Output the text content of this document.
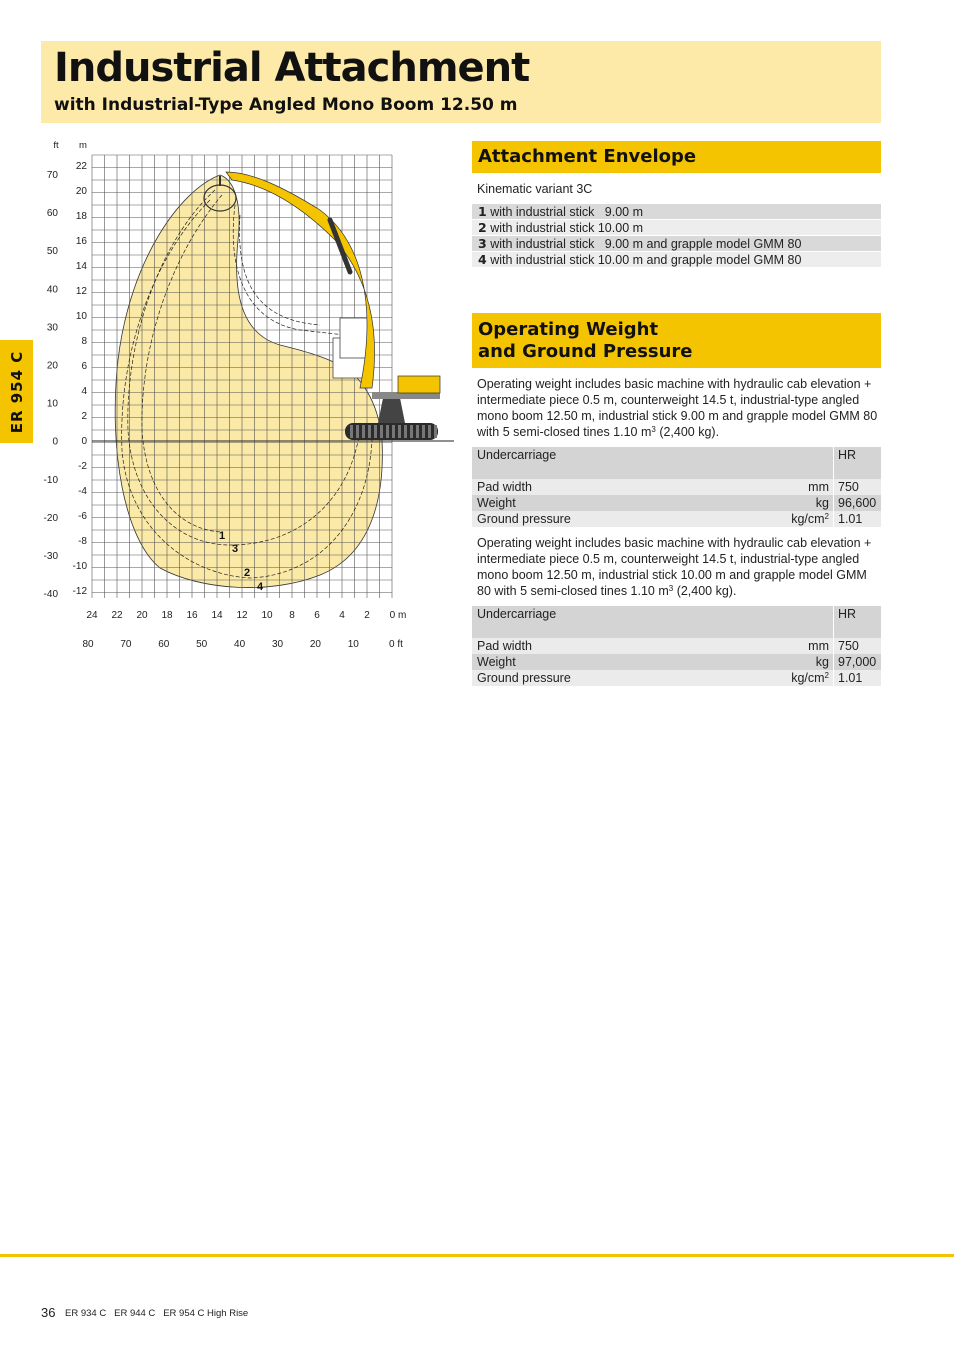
Industrial Attachment
with Industrial-Type Angled Mono Boom 12.50 m
ER 954 C
ft m
22
20
18
16
14
12
10
8
6
4
2
0
-2
-4
-6
-8
-10
-12
70
60
50
40
30
20
10
0
-10
-20
-30
-40
24 22 20 18 16 14 12 10 8 6 4 2 0 m
80	70	60	50	40	30	20	10	0 ft
1
3
2
4
Attachment Envelope
Kinematic variant 3C
1 with industrial stick   9.00 m
2 with industrial stick 10.00 m
3 with industrial stick   9.00 m and grapple model GMM 80
4 with industrial stick 10.00 m and grapple model GMM 80
Operating Weight
and Ground Pressure
Operating weight includes basic machine with hydraulic cab elevation + intermediate piece 0.5 m, counterweight 14.5 t, industrial-type angled mono boom 12.50 m, industrial stick 9.00 m and grapple model GMM 80 with 5 semi-closed tines 1.10 $m^3$ (2,400 kg).
Undercarriage	HR
Pad width	mm 750
Weight	kg 96,600
Ground pressure	$kg/cm^2$ 1.01
Operating weight includes basic machine with hydraulic cab elevation + intermediate piece 0.5 m, counterweight 14.5 t, industrial-type angled mono boom 12.50 m, industrial stick 10.00 m and grapple model GMM 80 with 5 semi-closed tines 1.10 $m^3$ (2,400 kg).
Undercarriage	HR
Pad width	mm 750
Weight	kg 97,000
Ground pressure	$kg/cm^2$ 1.01
36 ER 934 C   ER 944 C   ER 954 C High Rise
